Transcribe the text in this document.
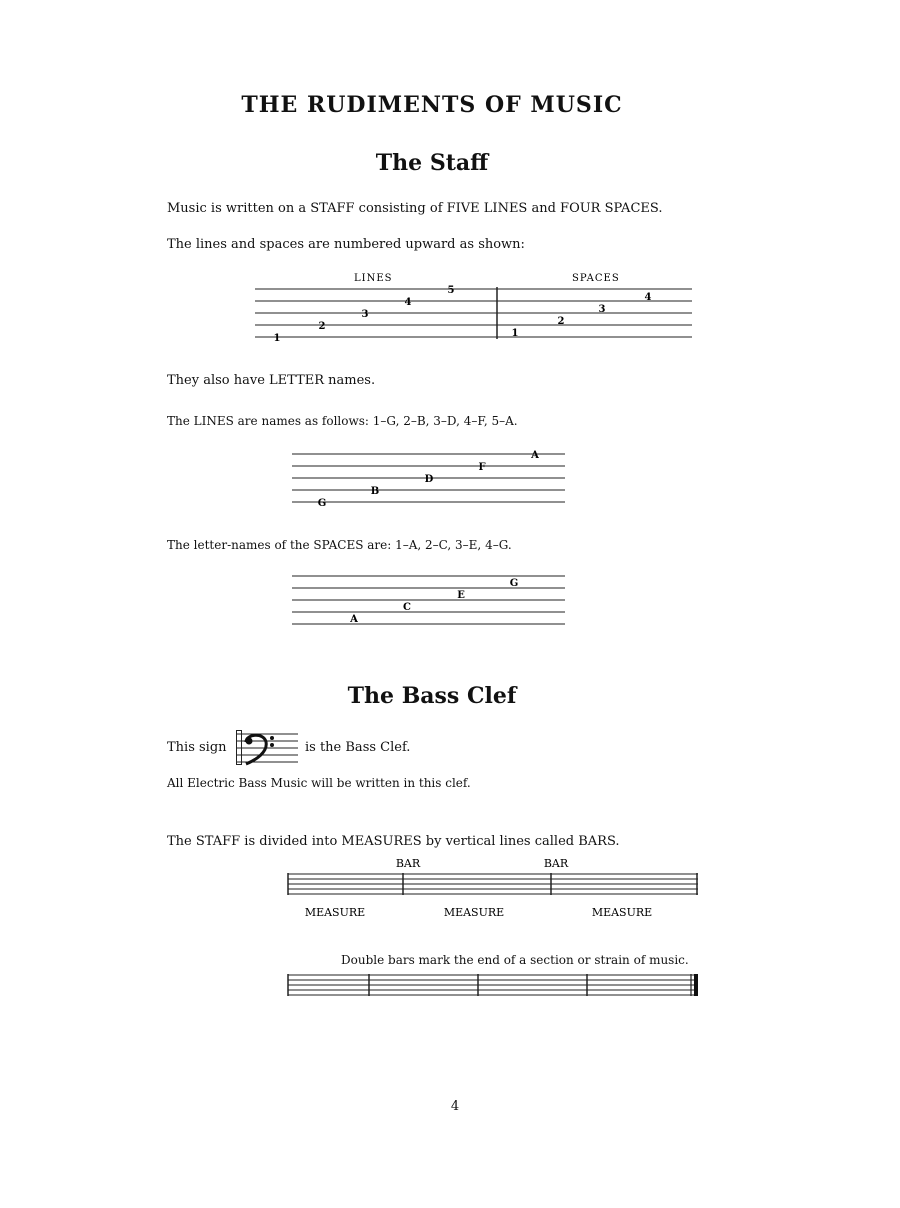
THE RUDIMENTS OF MUSIC
The Staff
Music is written on a STAFF consisting of FIVE LINES and FOUR SPACES.
The lines and spaces are numbered upward as shown:
LINES	SPACES
1
2
3
4
5
1
2
3
4
They also have LETTER names.
The LINES are names as follows: 1–G, 2–B, 3–D, 4–F, 5–A.
G
B
D
F
A
The letter-names of the SPACES are: 1–A, 2–C, 3–E, 4–G.
A
C
E
G
The Bass Clef
This sign	is the Bass Clef.
All Electric Bass Music will be written in this clef.
The STAFF is divided into MEASURES by vertical lines called BARS.
BAR	BAR
MEASURE	MEASURE	MEASURE
Double bars mark the end of a section or strain of music.
4
